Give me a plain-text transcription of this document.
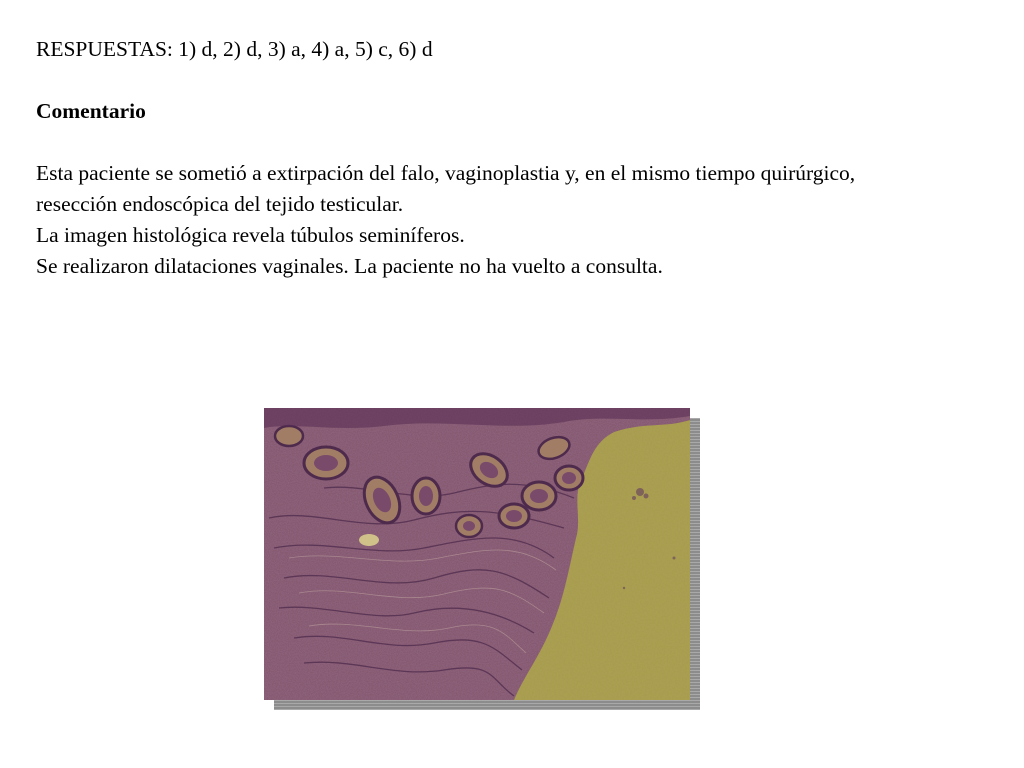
RESPUESTAS: 1) d, 2) d, 3) a, 4) a, 5) c, 6) d

Comentario

Esta paciente se sometió a extirpación del falo, vaginoplastia y, en el mismo tiempo quirúrgico,

resección endoscópica del tejido testicular.

La imagen histológica revela túbulos seminíferos.

Se realizaron dilataciones vaginales. La paciente no ha vuelto a consulta.
